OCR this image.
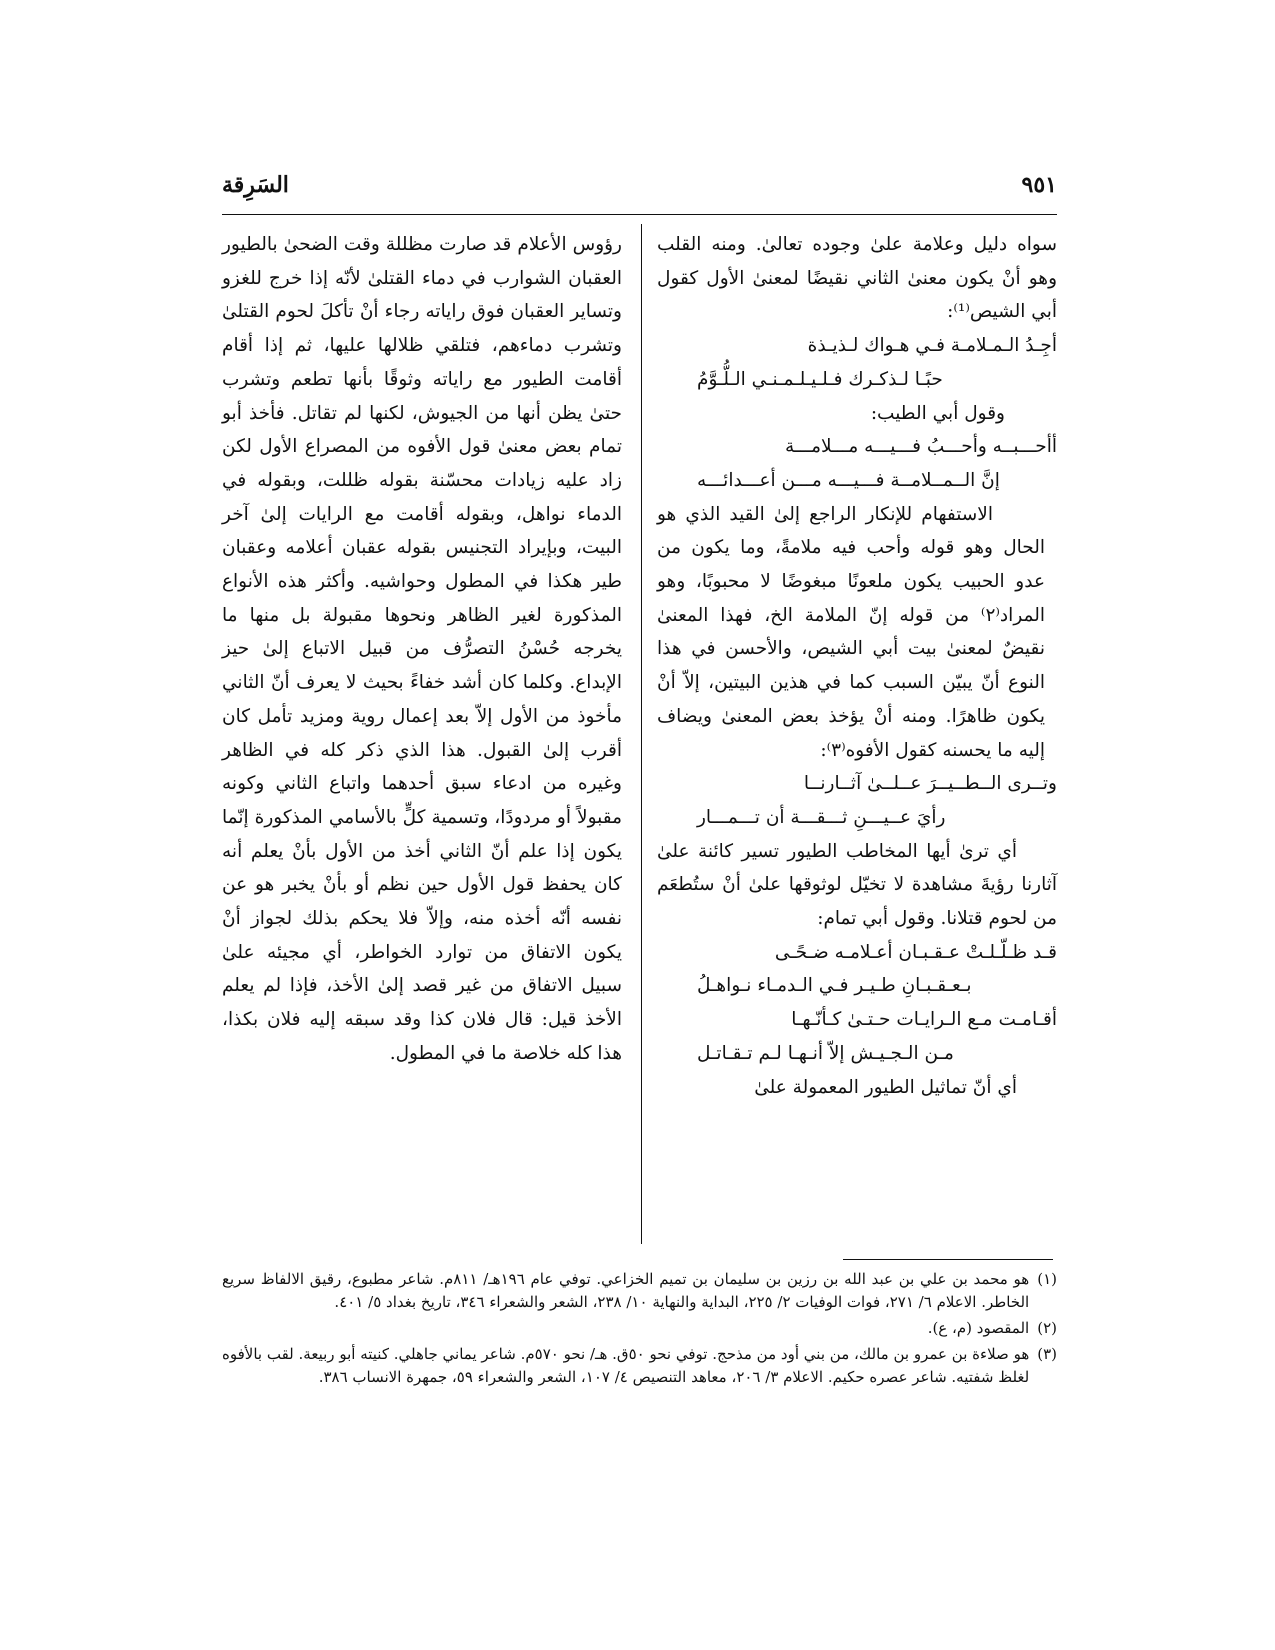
٩٥١
السَرِقة

سواه دليل وعلامة علىٰ وجوده تعالىٰ. ومنه القلب وهو أنْ يكون معنىٰ الثاني نقيضًا لمعنىٰ الأول كقول أبي الشيص⁽¹⁾:

أجِـدُ الـمـلامـة فـي هـواك لـذيـذة
حبًـا لـذكـرك فـلـيـلـمـنـي الـلُّـوَّمُ

وقول أبي الطيب:

أأحـــبــه وأحـــبُ فـــيـــه مـــلامـــة
إنَّ الــمــلامــة فـــيـــه مـــن أعـــدائـــه

الاستفهام للإنكار الراجع إلىٰ القيد الذي هو الحال وهو قوله وأحب فيه ملامةً، وما يكون من عدو الحبيب يكون ملعونًا مبغوضًا لا محبوبًا، وهو المراد⁽٢⁾ من قوله إنّ الملامة الخ، فهذا المعنىٰ نقيضٌ لمعنىٰ بيت أبي الشيص، والأحسن في هذا النوع أنّ يبيّن السبب كما في هذين البيتين، إلاّ أنْ يكون ظاهرًا. ومنه أنْ يؤخذ بعض المعنىٰ ويضاف إليه ما يحسنه كقول الأفوه⁽٣⁾:

وتــرى الــطــيــرَ عــلــىٰ آثــارنــا
رأيَ عــيـــنِ ثـــقـــة أن تـــمـــار

أي ترىٰ أيها المخاطب الطيور تسير كائنة علىٰ آثارنا رؤيةَ مشاهدة لا تخيّل لوثوقها علىٰ أنْ ستُطعَم من لحوم قتلانا. وقول أبي تمام:

قـد ظـلّـلـتْ عـقـبـان أعـلامـه ضـحًـى
بـعـقـبـانِ طـيـر فـي الـدمـاء نـواهـلُ
أقـامـت مـع الـرايـات حـتـىٰ كـأنّـهـا
مـن الـجـيـش إلاّ أنـهـا لـم تـقـاتـل

أي أنّ تماثيل الطيور المعمولة علىٰ

رؤوس الأعلام قد صارت مظللة وقت الضحىٰ بالطيور العقبان الشوارب في دماء القتلىٰ لأنّه إذا خرج للغزو وتساير العقبان فوق راياته رجاء أنْ تأكلَ لحوم القتلىٰ وتشرب دماءهم، فتلقي ظلالها عليها، ثم إذا أقام أقامت الطيور مع راياته وثوقًا بأنها تطعم وتشرب حتىٰ يظن أنها من الجيوش، لكنها لم تقاتل. فأخذ أبو تمام بعض معنىٰ قول الأفوه من المصراع الأول لكن زاد عليه زيادات محسّنة بقوله ظللت، وبقوله في الدماء نواهل، وبقوله أقامت مع الرايات إلىٰ آخر البيت، وبإيراد التجنيس بقوله عقبان أعلامه وعقبان طير هكذا في المطول وحواشيه. وأكثر هذه الأنواع المذكورة لغير الظاهر ونحوها مقبولة بل منها ما يخرجه حُسْنُ التصرُّف من قبيل الاتباع إلىٰ حيز الإبداع. وكلما كان أشد خفاءً بحيث لا يعرف أنّ الثاني مأخوذ من الأول إلاّ بعد إعمال روية ومزيد تأمل كان أقرب إلىٰ القبول. هذا الذي ذكر كله في الظاهر وغيره من ادعاء سبق أحدهما واتباع الثاني وكونه مقبولاً أو مردودًا، وتسمية كلٍّ بالأسامي المذكورة إنّما يكون إذا علم أنّ الثاني أخذ من الأول بأنْ يعلم أنه كان يحفظ قول الأول حين نظم أو بأنْ يخبر هو عن نفسه أنّه أخذه منه، وإلاّ فلا يحكم بذلك لجواز أنْ يكون الاتفاق من توارد الخواطر، أي مجيئه علىٰ سبيل الاتفاق من غير قصد إلىٰ الأخذ، فإذا لم يعلم الأخذ قيل: قال فلان كذا وقد سبقه إليه فلان بكذا، هذا كله خلاصة ما في المطول.

(١)
هو محمد بن علي بن عبد الله بن رزين بن سليمان بن تميم الخزاعي. توفي عام ١٩٦هـ/ ٨١١م. شاعر مطبوع، رقيق الالفاظ سريع الخاطر. الاعلام ٦/ ٢٧١، فوات الوفيات ٢/ ٢٢٥، البداية والنهاية ١٠/ ٢٣٨، الشعر والشعراء ٣٤٦، تاريخ بغداد ٥/ ٤٠١.
(٢)
المقصود (م، ع).
(٣)
هو صلاءة بن عمرو بن مالك، من بني أود من مذحج. توفي نحو ٥٠ق. هـ/ نحو ٥٧٠م. شاعر يماني جاهلي. كنيته أبو ربيعة. لقب بالأفوه لغلظ شفتيه. شاعر عصره حكيم. الاعلام ٣/ ٢٠٦، معاهد التنصيص ٤/ ١٠٧، الشعر والشعراء ٥٩، جمهرة الانساب ٣٨٦.
